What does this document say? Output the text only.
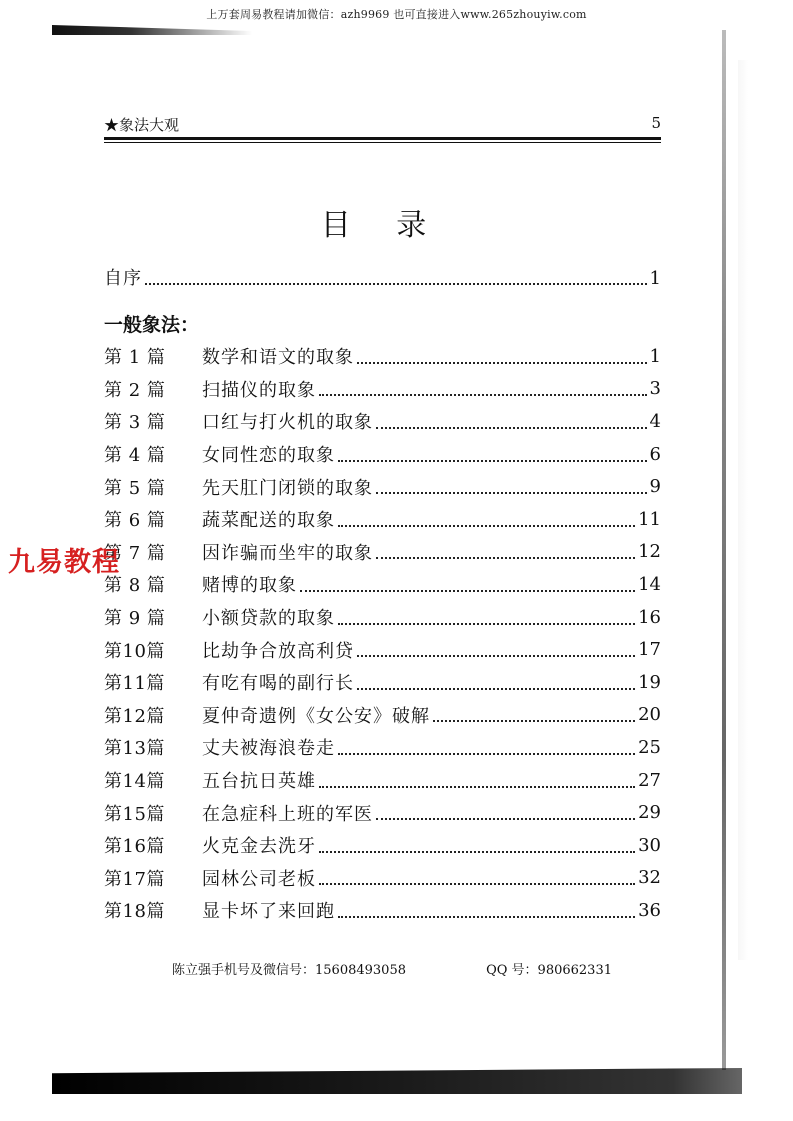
上万套周易教程请加微信：azh9969 也可直接进入www.265zhouyiw.com
★象法大观	5
目 录
自序	1
一般象法：
第 1 篇	数学和语文的取象	1
第 2 篇	扫描仪的取象	3
第 3 篇	口红与打火机的取象	4
第 4 篇	女同性恋的取象	6
第 5 篇	先天肛门闭锁的取象	9
第 6 篇	蔬菜配送的取象	11
第 7 篇	因诈骗而坐牢的取象	12
第 8 篇	赌博的取象	14
第 9 篇	小额贷款的取象	16
第10篇	比劫争合放高利贷	17
第11篇	有吃有喝的副行长	19
第12篇	夏仲奇遗例《女公安》破解	20
第13篇	丈夫被海浪卷走	25
第14篇	五台抗日英雄	27
第15篇	在急症科上班的军医	29
第16篇	火克金去洗牙	30
第17篇	园林公司老板	32
第18篇	显卡坏了来回跑	36
九易教程
陈立强手机号及微信号：15608493058	QQ 号：980662331
